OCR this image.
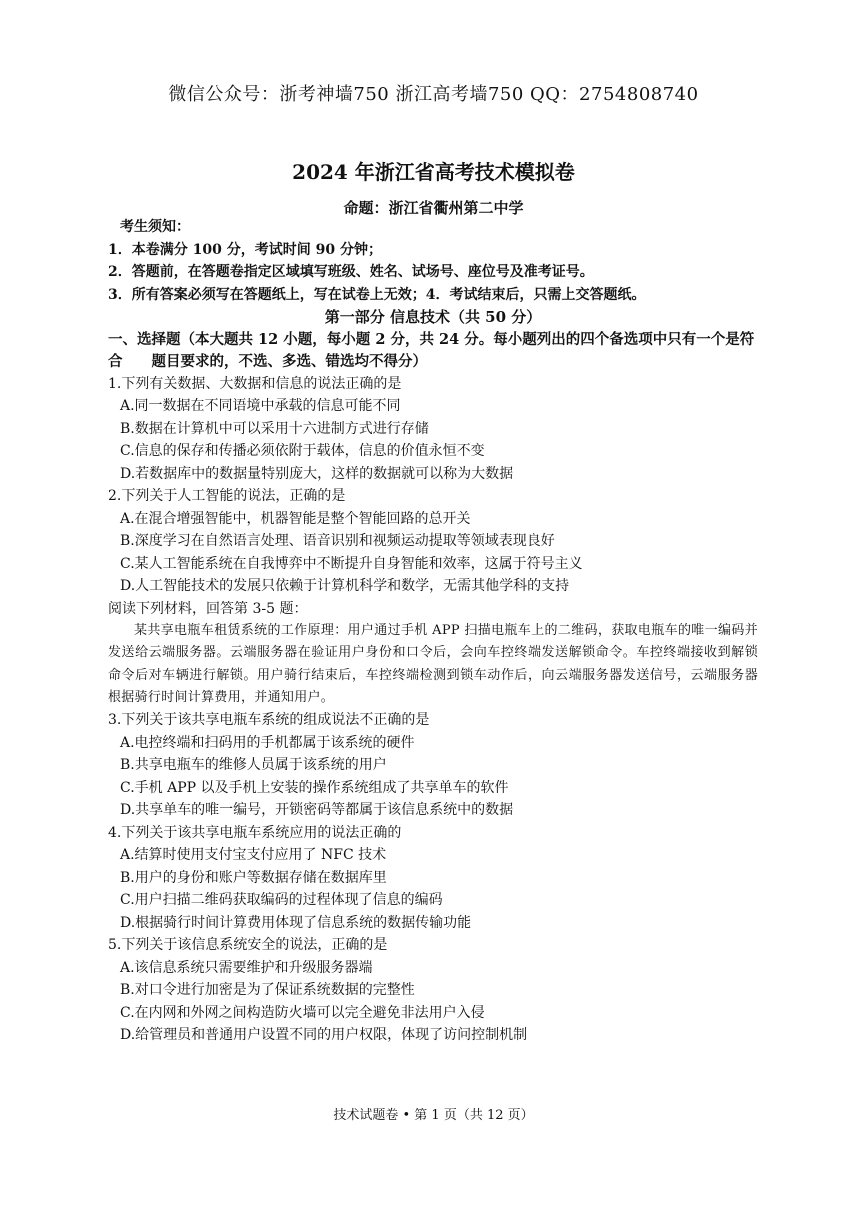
微信公众号：浙考神墙750 浙江高考墙750 QQ：2754808740
2024 年浙江省高考技术模拟卷
命题：浙江省衢州第二中学
考生须知：
1．本卷满分 100 分，考试时间 90 分钟；
2．答题前，在答题卷指定区域填写班级、姓名、试场号、座位号及准考证号。
3．所有答案必须写在答题纸上，写在试卷上无效；4．考试结束后，只需上交答题纸。
第一部分 信息技术（共 50 分）
一、选择题（本大题共 12 小题，每小题 2 分，共 24 分。每小题列出的四个备选项中只有一个是符合　　题目要求的，不选、多选、错选均不得分）
1.下列有关数据、大数据和信息的说法正确的是
A.同一数据在不同语境中承载的信息可能不同
B.数据在计算机中可以采用十六进制方式进行存储
C.信息的保存和传播必须依附于载体，信息的价值永恒不变
D.若数据库中的数据量特别庞大，这样的数据就可以称为大数据
2.下列关于人工智能的说法，正确的是
A.在混合增强智能中，机器智能是整个智能回路的总开关
B.深度学习在自然语言处理、语音识别和视频运动提取等领域表现良好
C.某人工智能系统在自我博弈中不断提升自身智能和效率，这属于符号主义
D.人工智能技术的发展只依赖于计算机科学和数学，无需其他学科的支持
阅读下列材料，回答第 3-5 题：
某共享电瓶车租赁系统的工作原理：用户通过手机 APP 扫描电瓶车上的二维码，获取电瓶车的唯一编码并发送给云端服务器。云端服务器在验证用户身份和口令后，会向车控终端发送解锁命令。车控终端接收到解锁命令后对车辆进行解锁。用户骑行结束后，车控终端检测到锁车动作后，向云端服务器发送信号，云端服务器根据骑行时间计算费用，并通知用户。
3.下列关于该共享电瓶车系统的组成说法不正确的是
A.电控终端和扫码用的手机都属于该系统的硬件
B.共享电瓶车的维修人员属于该系统的用户
C.手机 APP 以及手机上安装的操作系统组成了共享单车的软件
D.共享单车的唯一编号，开锁密码等都属于该信息系统中的数据
4.下列关于该共享电瓶车系统应用的说法正确的
A.结算时使用支付宝支付应用了 NFC 技术
B.用户的身份和账户等数据存储在数据库里
C.用户扫描二维码获取编码的过程体现了信息的编码
D.根据骑行时间计算费用体现了信息系统的数据传输功能
5.下列关于该信息系统安全的说法，正确的是
A.该信息系统只需要维护和升级服务器端
B.对口令进行加密是为了保证系统数据的完整性
C.在内网和外网之间构造防火墙可以完全避免非法用户入侵
D.给管理员和普通用户设置不同的用户权限，体现了访问控制机制
技术试题卷 • 第 1 页（共 12 页）
